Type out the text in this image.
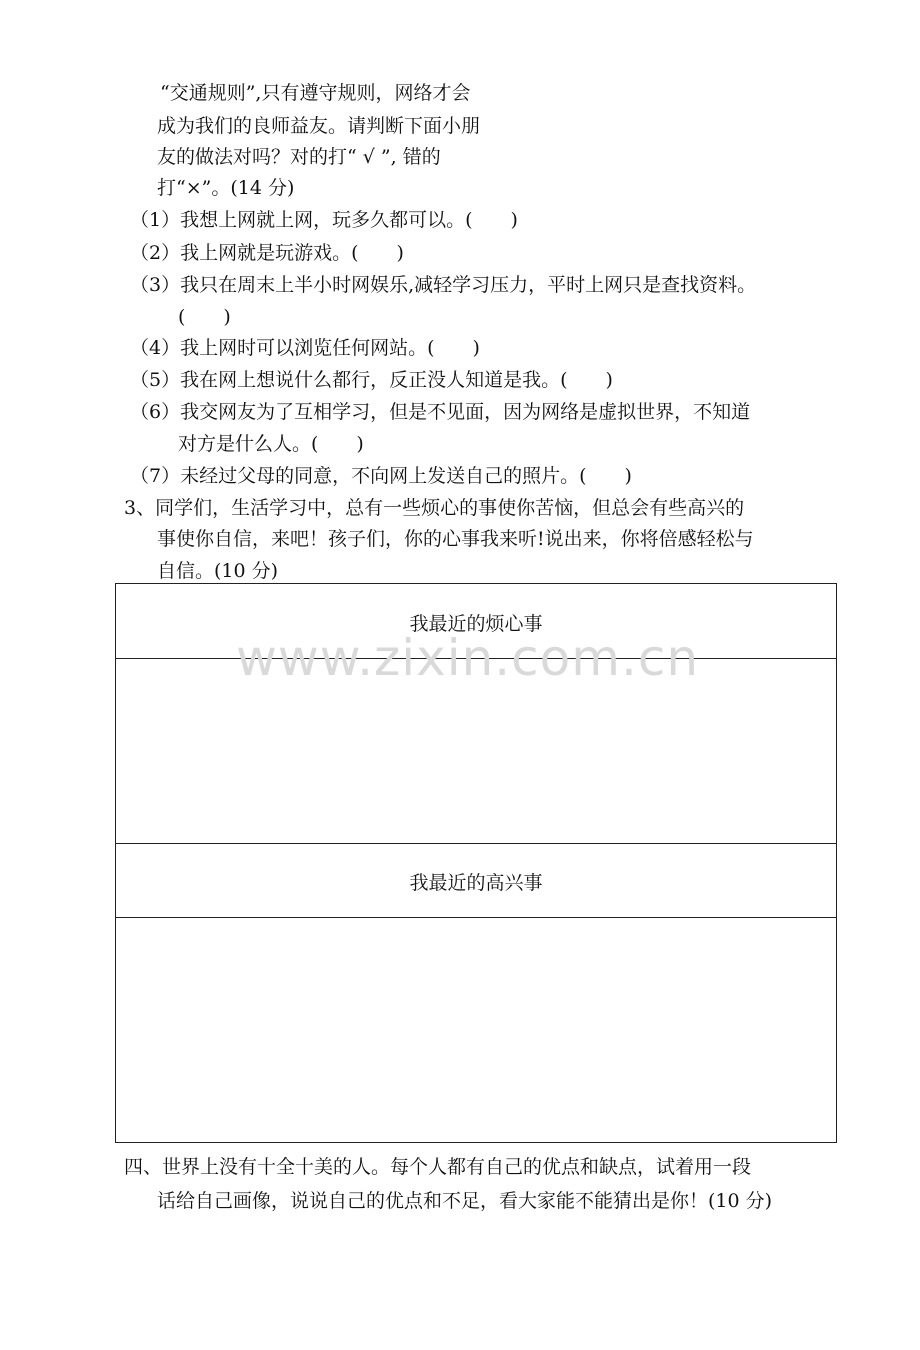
“交通规则”,只有遵守规则，网络才会
成为我们的良师益友。请判断下面小朋
友的做法对吗？对的打“ √ ”, 错的
打“×”。(14 分)
（1）我想上网就上网，玩多久都可以。(　　)
（2）我上网就是玩游戏。(　　)
（3）我只在周末上半小时网娱乐,减轻学习压力，平时上网只是查找资料。
(　　)
（4）我上网时可以浏览任何网站。(　　)
（5）我在网上想说什么都行，反正没人知道是我。(　　)
（6）我交网友为了互相学习，但是不见面，因为网络是虚拟世界，不知道
对方是什么人。(　　)
（7）未经过父母的同意，不向网上发送自己的照片。(　　)
3、同学们，生活学习中，总有一些烦心的事使你苦恼，但总会有些高兴的
事使你自信，来吧！孩子们，你的心事我来听!说出来，你将倍感轻松与
自信。(10 分)
我最近的烦心事
我最近的高兴事
www.zixin.com.cn
四、世界上没有十全十美的人。每个人都有自己的优点和缺点，试着用一段
话给自己画像，说说自己的优点和不足，看大家能不能猜出是你！(10 分)
